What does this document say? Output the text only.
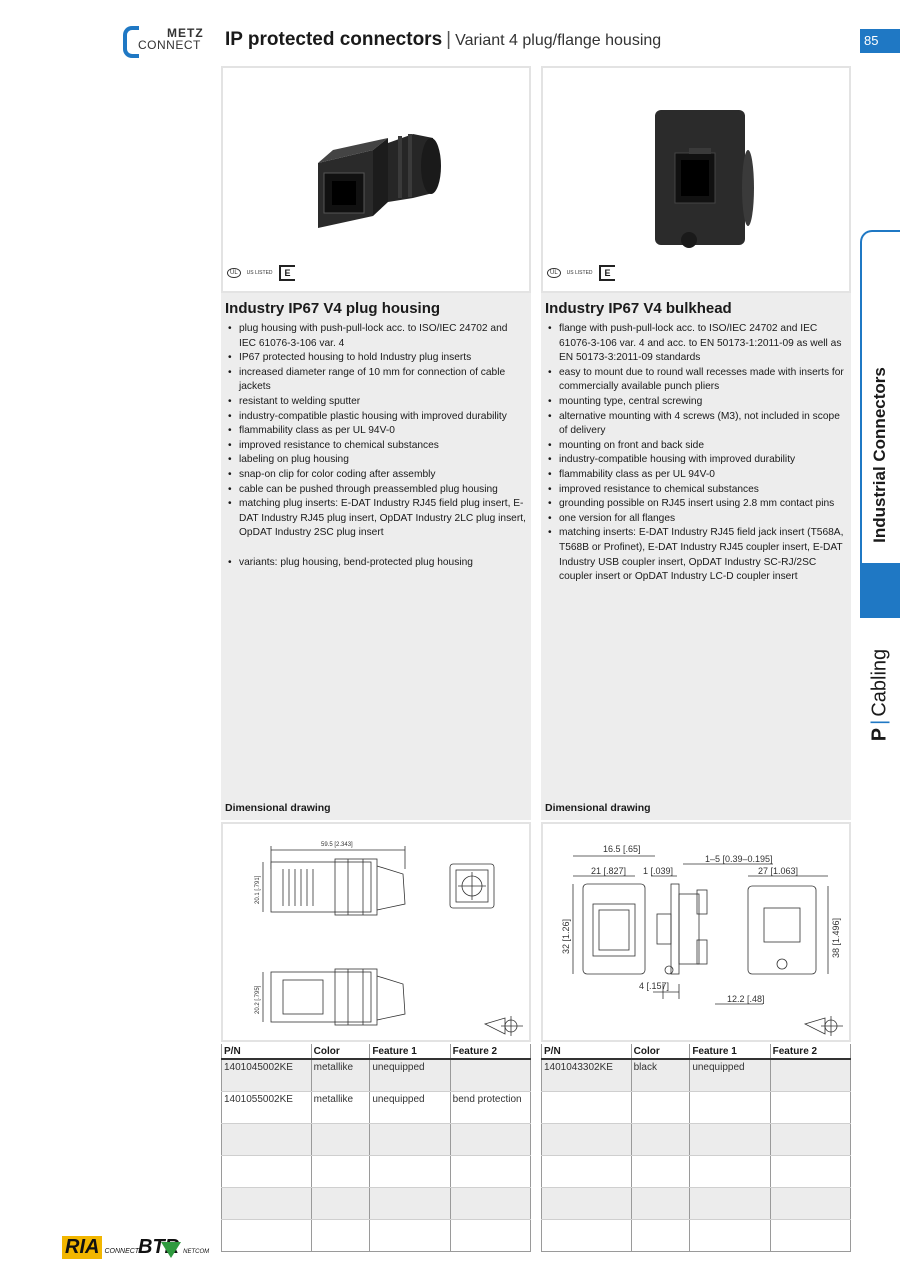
METZ
CONNECT IP protected connectors | Variant 4 plug/flange housing	85
Industrial Connectors
P|Cabling
UL	US LISTED	E
Industry IP67 V4 plug housing
• plug housing with push-pull-lock acc. to ISO/IEC 24702 and IEC 61076-3-106 var. 4
• IP67 protected housing to hold Industry plug inserts
• increased diameter range of 10 mm for connection of cable jackets
• resistant to welding sputter
• industry-compatible plastic housing with improved durability
• flammability class as per UL 94V-0
• improved resistance to chemical substances
• labeling on plug housing
• snap-on clip for color coding after assembly
• cable can be pushed through preassembled plug housing
• matching plug inserts: E-DAT Industry RJ45 field plug insert, E-DAT Industry RJ45 plug insert, OpDAT Industry 2LC plug insert, OpDAT Industry 2SC plug insert
• variants: plug housing, bend-protected plug housing
Dimensional drawing
59.5 [2.343]
20.1 [.791]
20.2 [.795]
P/N	Color	Feature 1	Feature 2
1401045002KE	metallike	unequipped	
1401055002KE	metallike	unequipped	bend protection

UL	US LISTED	E
Industry IP67 V4 bulkhead
• flange with push-pull-lock acc. to ISO/IEC 24702 and IEC 61076-3-106 var. 4 and acc. to EN 50173-1:2011-09 as well as EN 50173-3:2011-09 standards
• easy to mount due to round wall recesses made with inserts for commercially available punch pliers
• mounting type, central screwing
• alternative mounting with 4 screws (M3), not included in scope of delivery
• mounting on front and back side
• industry-compatible housing with improved durability
• flammability class as per UL 94V-0
• improved resistance to chemical substances
• grounding possible on RJ45 insert using 2.8 mm contact pins
• one version for all flanges
• matching inserts: E-DAT Industry RJ45 field jack insert (T568A, T568B or Profinet), E-DAT Industry RJ45 coupler insert, E-DAT Industry USB coupler insert, OpDAT Industry SC-RJ/2SC coupler insert or OpDAT Industry LC-D coupler insert
Dimensional drawing
16.5 [.65]
21 [.827] 1 [.039]
1–5 [0.39–0.195]
27 [1.063]
32 [1.26]	38 [1.496]
4 [.157]
12.2 [.48]
P/N	Color	Feature 1	Feature 2
1401043302KE	black	unequipped	

RIA CONNECT
BTR NETCOM
